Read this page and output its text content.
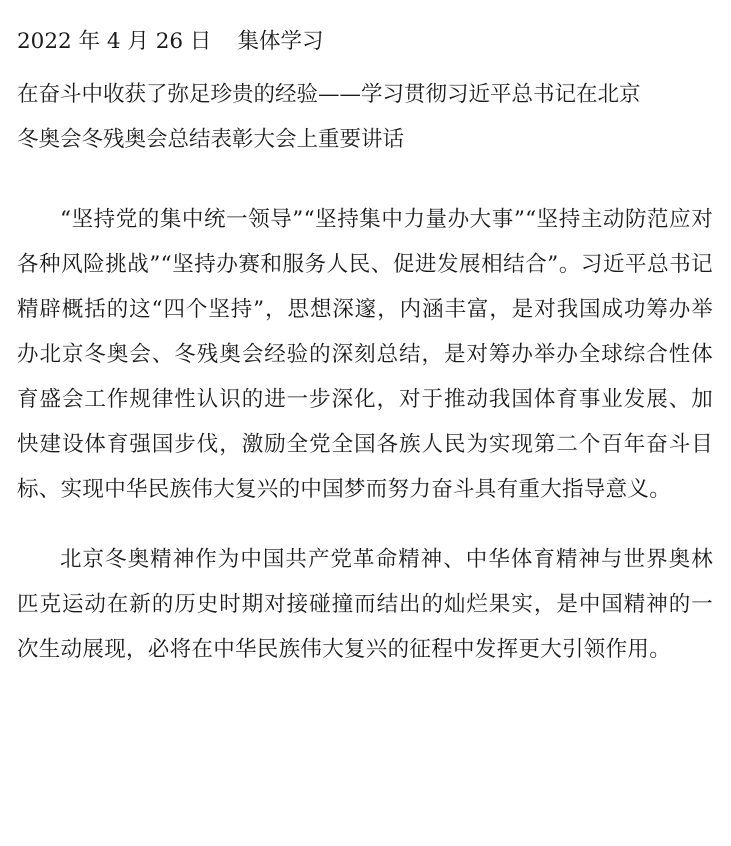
2022 年 4 月 26 日 集体学习
在奋斗中收获了弥足珍贵的经验——学习贯彻习近平总书记在北京
冬奥会冬残奥会总结表彰大会上重要讲话

“坚持党的集中统一领导”“坚持集中力量办大事”“坚持主动防范应对各种风险挑战”“坚持办赛和服务人民、促进发展相结合”。习近平总书记精辟概括的这“四个坚持”，思想深邃，内涵丰富，是对我国成功筹办举办北京冬奥会、冬残奥会经验的深刻总结，是对筹办举办全球综合性体育盛会工作规律性认识的进一步深化，对于推动我国体育事业发展、加快建设体育强国步伐，激励全党全国各族人民为实现第二个百年奋斗目标、实现中华民族伟大复兴的中国梦而努力奋斗具有重大指导意义。

北京冬奥精神作为中国共产党革命精神、中华体育精神与世界奥林匹克运动在新的历史时期对接碰撞而结出的灿烂果实，是中国精神的一次生动展现，必将在中华民族伟大复兴的征程中发挥更大引领作用。
